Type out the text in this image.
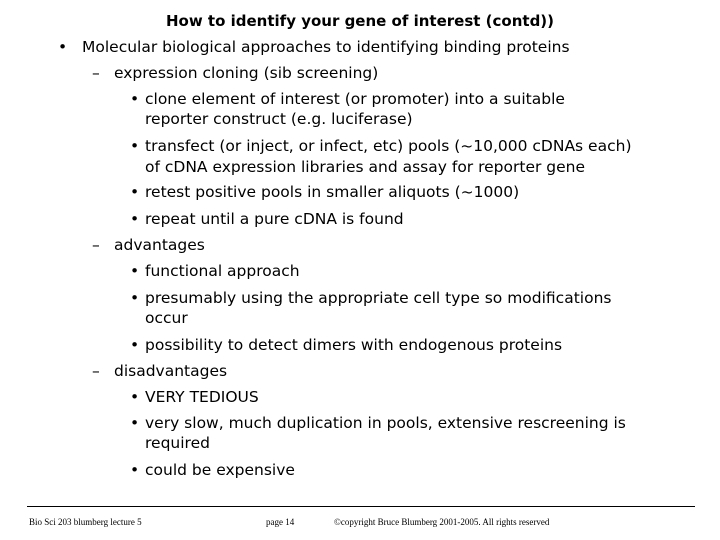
How to identify your gene of interest (contd))
• Molecular biological approaches to identifying binding proteins
– expression cloning (sib screening)
• clone element of interest (or promoter) into a suitable
reporter construct (e.g. luciferase)
• transfect (or inject, or infect, etc) pools (~10,000 cDNAs each)
of cDNA expression libraries and assay for reporter gene
• retest positive pools in smaller aliquots (~1000)
• repeat until a pure cDNA is found
– advantages
• functional approach
• presumably using the appropriate cell type so modifications
occur
• possibility to detect dimers with endogenous proteins
– disadvantages
• VERY TEDIOUS
• very slow, much duplication in pools, extensive rescreening is
required
• could be expensive
Bio Sci 203 blumberg lecture 5	page 14	©copyright Bruce Blumberg 2001-2005. All rights reserved
